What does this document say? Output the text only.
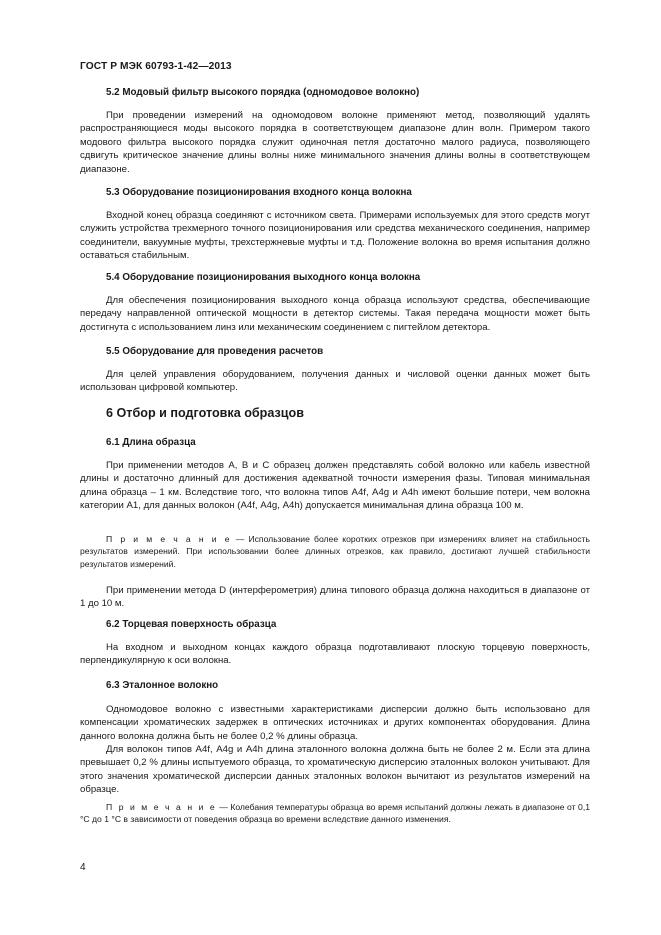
ГОСТ Р МЭК 60793-1-42—2013
5.2 Модовый фильтр высокого порядка (одномодовое волокно)

При проведении измерений на одномодовом волокне применяют метод, позволяющий удалять распространяющиеся моды высокого порядка в соответствующем диапазоне длин волн. Примером такого модового фильтра высокого порядка служит одиночная петля достаточно малого радиуса, позволяющего сдвигуть критическое значение длины волны ниже минимального значения длины волны в соответствующем диапазоне.

5.3 Оборудование позиционирования входного конца волокна

Входной конец образца соединяют с источником света. Примерами используемых для этого средств могут служить устройства трехмерного точного позиционирования или средства механического соединения, например соединители, вакуумные муфты, трехстержневые муфты и т.д. Положение волокна во время испытания должно оставаться стабильным.

5.4 Оборудование позиционирования выходного конца волокна

Для обеспечения позиционирования выходного конца образца используют средства, обеспечивающие передачу направленной оптической мощности в детектор системы. Такая передача мощности может быть достигнута с использованием линз или механическим соединением с пигтейлом детектора.

5.5 Оборудование для проведения расчетов

Для целей управления оборудованием, получения данных и числовой оценки данных может быть использован цифровой компьютер.

6 Отбор и подготовка образцов
6.1 Длина образца

При применении методов А, В и С образец должен представлять собой волокно или кабель известной длины и достаточно длинный для достижения адекватной точности измерения фазы. Типовая минимальная длина образца – 1 км. Вследствие того, что волокна типов А4f, А4g и А4h имеют большие потери, чем волокна категории А1, для данных волокон (А4f, А4g, А4h) допускается минимальная длина образца 100 м.

П р и м е ч а н и е — Использование более коротких отрезков при измерениях влияет на стабильность результатов измерений. При использовании более длинных отрезков, как правило, достигают лучшей стабильности результатов измерений.

При применении метода D (интерферометрия) длина типового образца должна находиться в диапазоне от 1 до 10 м.

6.2 Торцевая поверхность образца

На входном и выходном концах каждого образца подготавливают плоскую торцевую поверхность, перпендикулярную к оси волокна.

6.3 Эталонное волокно

Одномодовое волокно с известными характеристиками дисперсии должно быть использовано для компенсации хроматических задержек в оптических источниках и других компонентах оборудования. Длина данного волокна должна быть не более 0,2 % длины образца.

Для волокон типов А4f, А4g и А4h длина эталонного волокна должна быть не более 2 м. Если эта длина превышает 0,2 % длины испытуемого образца, то хроматическую дисперсию эталонных волокон учитывают. Для этого значения хроматической дисперсии данных эталонных волокон вычитают из результатов измерений на образце.

П р и м е ч а н и е — Колебания температуры образца во время испытаний должны лежать в диапазоне от 0,1 °С до 1 °С в зависимости от поведения образца во времени вследствие данного изменения.

4
